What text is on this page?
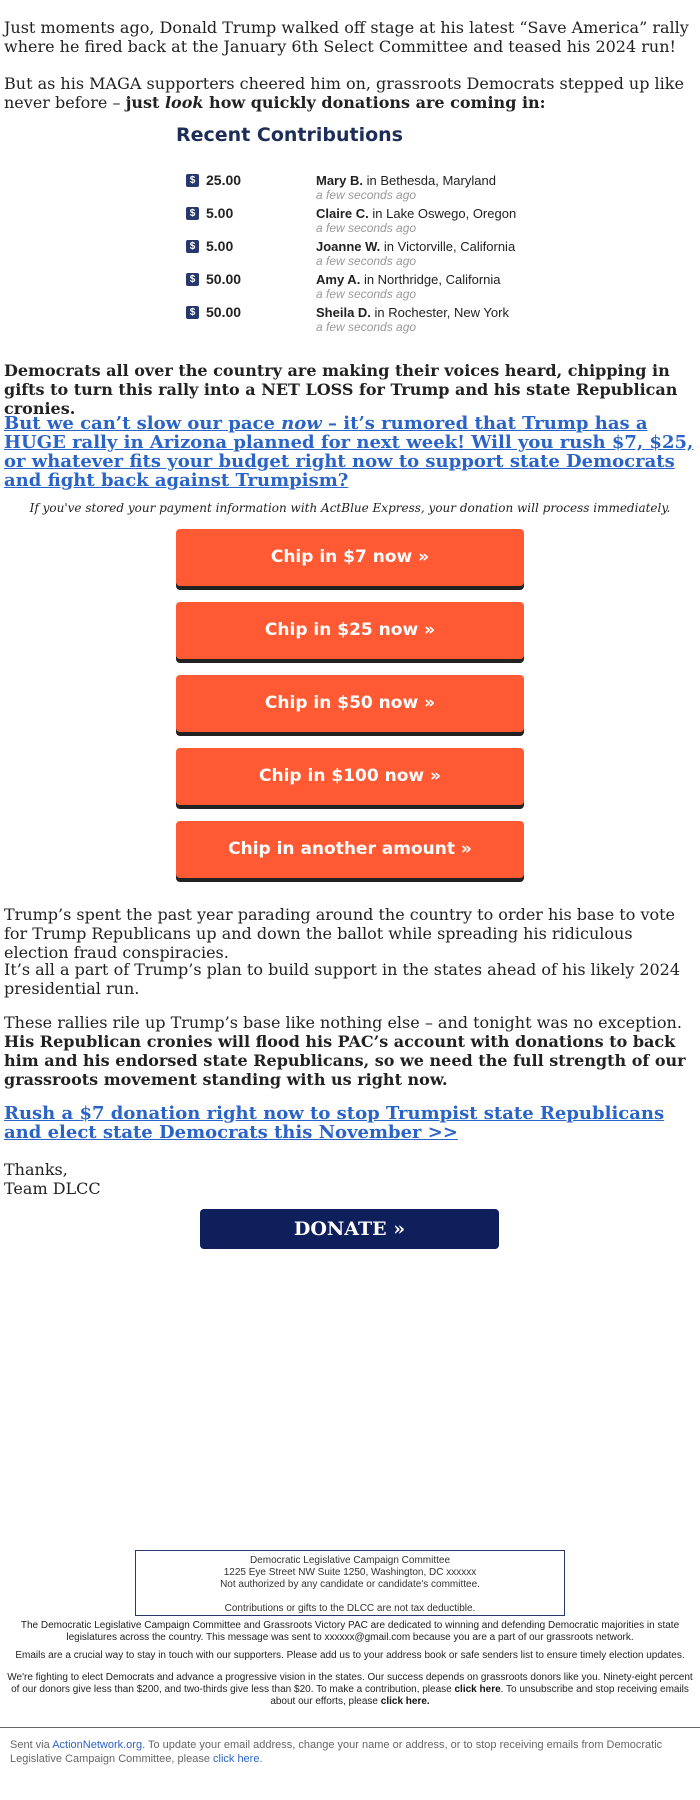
Just moments ago, Donald Trump walked off stage at his latest “Save America” rally where he fired back at the January 6th Select Committee and teased his 2024 run!

But as his MAGA supporters cheered him on, grassroots Democrats stepped up like never before – just look how quickly donations are coming in:

Recent Contributions
$ 25.00	Mary B. in Bethesda, Maryland
a few seconds ago
$ 5.00	Claire C. in Lake Oswego, Oregon
a few seconds ago
$ 5.00	Joanne W. in Victorville, California
a few seconds ago
$ 50.00	Amy A. in Northridge, California
a few seconds ago
$ 50.00	Sheila D. in Rochester, New York
a few seconds ago

Democrats all over the country are making their voices heard, chipping in gifts to turn this rally into a NET LOSS for Trump and his state Republican cronies.

But we can’t slow our pace now – it’s rumored that Trump has a HUGE rally in Arizona planned for next week! Will you rush $7, $25, or whatever fits your budget right now to support state Democrats and fight back against Trumpism?

If you've stored your payment information with ActBlue Express, your donation will process immediately.
Chip in $7 now »
Chip in $25 now »
Chip in $50 now »
Chip in $100 now »
Chip in another amount »

Trump’s spent the past year parading around the country to order his base to vote for Trump Republicans up and down the ballot while spreading his ridiculous election fraud conspiracies.

It’s all a part of Trump’s plan to build support in the states ahead of his likely 2024 presidential run.

These rallies rile up Trump’s base like nothing else – and tonight was no exception. His Republican cronies will flood his PAC’s account with donations to back him and his endorsed state Republicans, so we need the full strength of our grassroots movement standing with us right now.

Rush a $7 donation right now to stop Trumpist state Republicans and elect state Democrats this November >>

Thanks,

Team DLCC

DONATE »
Democratic Legislative Campaign Committee
1225 Eye Street NW Suite 1250, Washington, DC xxxxxx
Not authorized by any candidate or candidate's committee.
Contributions or gifts to the DLCC are not tax deductible.
The Democratic Legislative Campaign Committee and Grassroots Victory PAC are dedicated to winning and defending Democratic majorities in state legislatures across the country. This message was sent to xxxxxx@gmail.com because you are a part of our grassroots network.
Emails are a crucial way to stay in touch with our supporters. Please add us to your address book or safe senders list to ensure timely election updates.
We're fighting to elect Democrats and advance a progressive vision in the states. Our success depends on grassroots donors like you. Ninety-eight percent of our donors give less than $200, and two-thirds give less than $20. To make a contribution, please click here. To unsubscribe and stop receiving emails about our efforts, please click here.
Sent via ActionNetwork.org. To update your email address, change your name or address, or to stop receiving emails from Democratic Legislative Campaign Committee, please click here.
